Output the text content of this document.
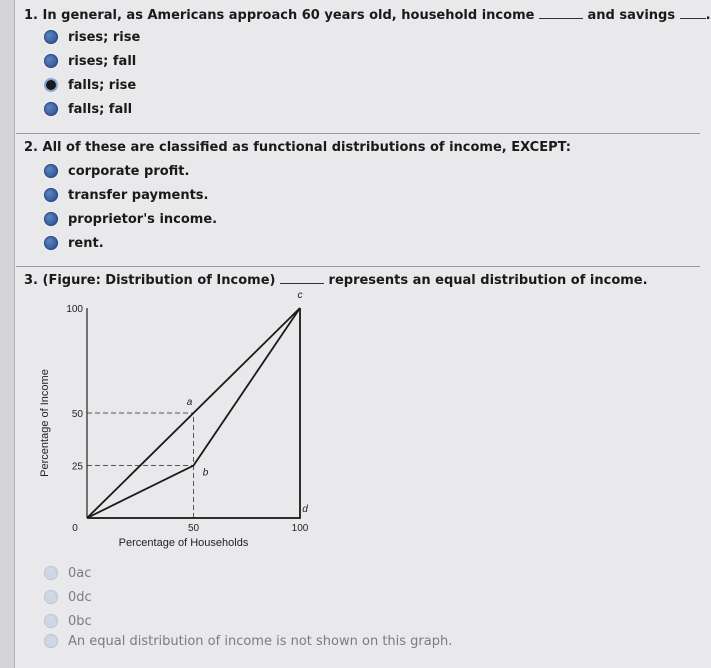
1. In general, as Americans approach 60 years old, household income	and savings .
rises; rise
rises; fall
falls; rise
falls; fall
2. All of these are classified as functional distributions of income, EXCEPT:
corporate profit.
transfer payments.
proprietor's income.
rent.
3. (Figure: Distribution of Income)	represents an equal distribution of income.
100
50
25
0	50	100
Percentage of Households
Percentage of Income	a
c
b
d
0ac
0dc
0bc
An equal distribution of income is not shown on this graph.
